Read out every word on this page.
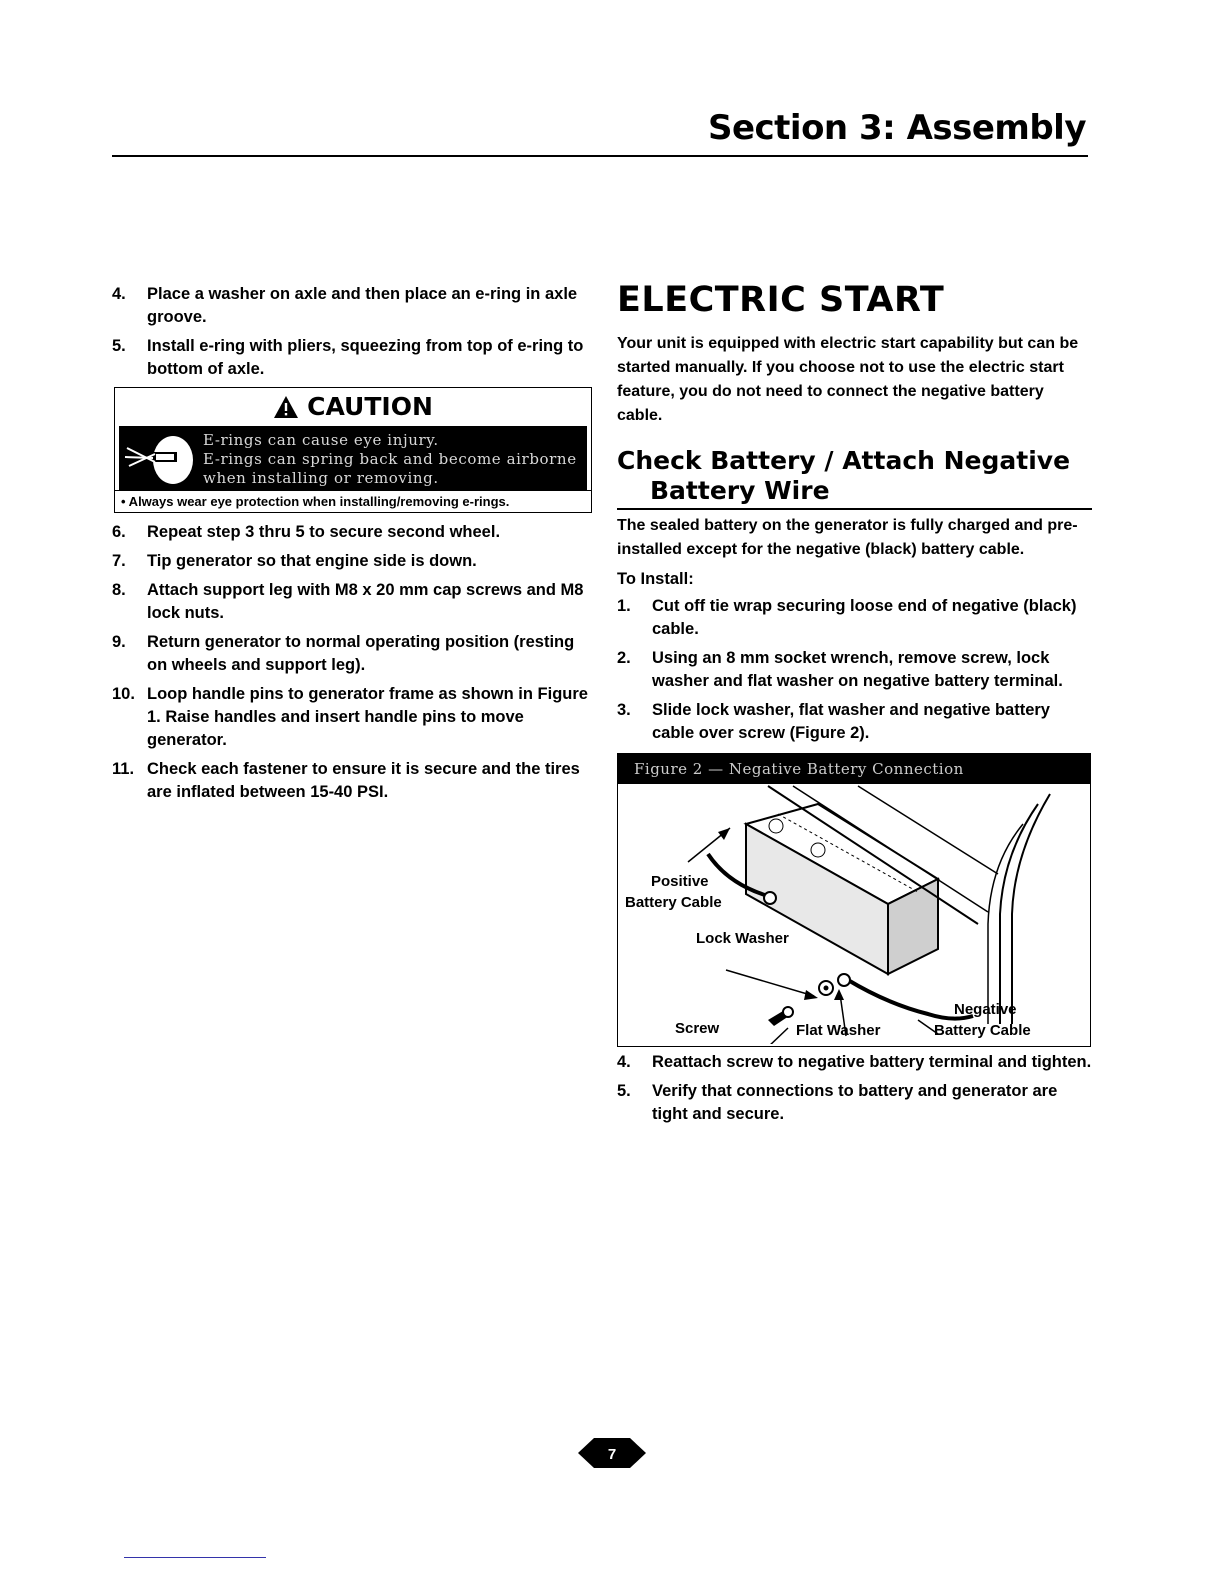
Section 3: Assembly
4. Place a washer on axle and then place an e-ring in axle groove.
5. Install e-ring with pliers, squeezing from top of e-ring to bottom of axle.
CAUTION
E-rings can cause eye injury.
E-rings can spring back and become airborne
when installing or removing.
• Always wear eye protection when installing/removing e-rings.
6. Repeat step 3 thru 5 to secure second wheel.
7. Tip generator so that engine side is down.
8. Attach support leg with M8 x 20 mm cap screws and M8 lock nuts.
9. Return generator to normal operating position (resting on wheels and support leg).
10. Loop handle pins to generator frame as shown in Figure 1. Raise handles and insert handle pins to move generator.
11. Check each fastener to ensure it is secure and the tires are inflated between 15-40 PSI.
ELECTRIC START
Your unit is equipped with electric start capability but can be started manually. If you choose not to use the electric start feature, you do not need to connect the negative battery cable.
Check Battery / Attach Negative
Battery Wire
The sealed battery on the generator is fully charged and pre-installed except for the negative (black) battery cable.
To Install:
1. Cut off tie wrap securing loose end of negative (black) cable.
2. Using an 8 mm socket wrench, remove screw, lock washer and flat washer on negative battery terminal.
3. Slide lock washer, flat washer and negative battery cable over screw (Figure 2).
Figure 2 — Negative Battery Connection
Positive
Battery Cable
Lock Washer
Negative
Battery Cable
Screw	Flat Washer
4. Reattach screw to negative battery terminal and tighten.
5. Verify that connections to battery and generator are tight and secure.
7
